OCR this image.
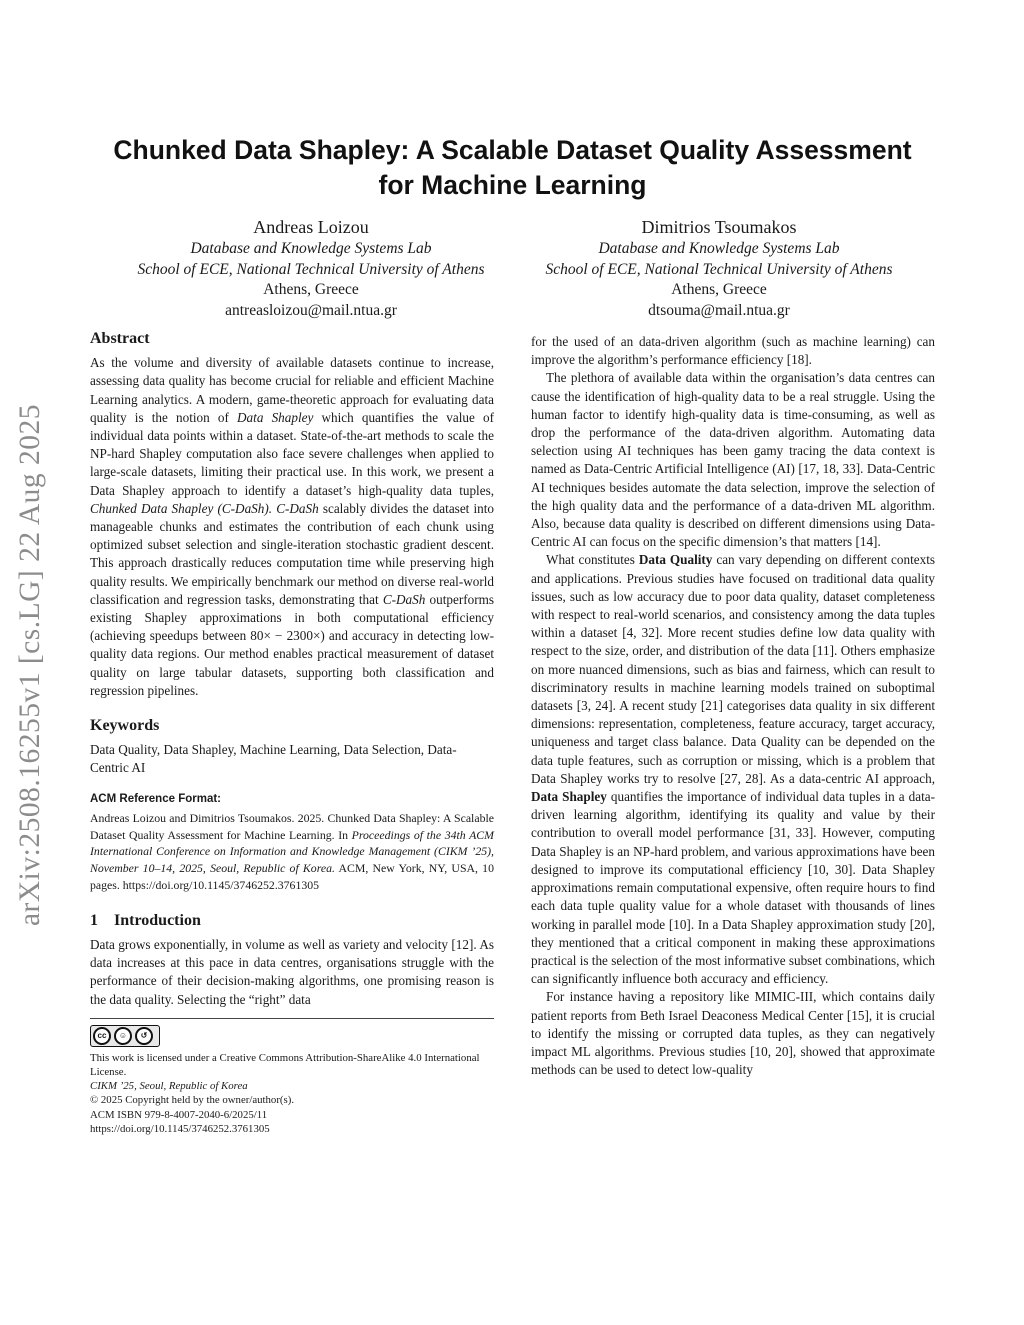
arXiv:2508.16255v1 [cs.LG] 22 Aug 2025
Chunked Data Shapley: A Scalable Dataset Quality Assessment
for Machine Learning
Andreas Loizou
Database and Knowledge Systems Lab
School of ECE, National Technical University of Athens
Athens, Greece
antreasloizou@mail.ntua.gr
Dimitrios Tsoumakos
Database and Knowledge Systems Lab
School of ECE, National Technical University of Athens
Athens, Greece
dtsouma@mail.ntua.gr
Abstract

As the volume and diversity of available datasets continue to increase, assessing data quality has become crucial for reliable and efficient Machine Learning analytics. A modern, game-theoretic approach for evaluating data quality is the notion of Data Shapley which quantifies the value of individual data points within a dataset. State-of-the-art methods to scale the NP-hard Shapley computation also face severe challenges when applied to large-scale datasets, limiting their practical use. In this work, we present a Data Shapley approach to identify a dataset’s high-quality data tuples, Chunked Data Shapley (C-DaSh). C-DaSh scalably divides the dataset into manageable chunks and estimates the contribution of each chunk using optimized subset selection and single-iteration stochastic gradient descent. This approach drastically reduces computation time while preserving high quality results. We empirically benchmark our method on diverse real-world classification and regression tasks, demonstrating that C-DaSh outperforms existing Shapley approximations in both computational efficiency (achieving speedups between 80× − 2300×) and accuracy in detecting low-quality data regions. Our method enables practical measurement of dataset quality on large tabular datasets, supporting both classification and regression pipelines.

Keywords

Data Quality, Data Shapley, Machine Learning, Data Selection, Data-Centric AI

ACM Reference Format:

Andreas Loizou and Dimitrios Tsoumakos. 2025. Chunked Data Shapley: A Scalable Dataset Quality Assessment for Machine Learning. In Proceedings of the 34th ACM International Conference on Information and Knowledge Management (CIKM ’25), November 10–14, 2025, Seoul, Republic of Korea. ACM, New York, NY, USA, 10 pages. https://doi.org/10.1145/3746252.3761305

1    Introduction

Data grows exponentially, in volume as well as variety and velocity [12]. As data increases at this pace in data centres, organisations struggle with the performance of their decision-making algorithms, one promising reason is the data quality. Selecting the “right” data

cc	☺	↺
This work is licensed under a Creative Commons Attribution-ShareAlike 4.0 International License.
CIKM ’25, Seoul, Republic of Korea
© 2025 Copyright held by the owner/author(s).
ACM ISBN 979-8-4007-2040-6/2025/11
https://doi.org/10.1145/3746252.3761305

for the used of an data-driven algorithm (such as machine learning) can improve the algorithm’s performance efficiency [18].

The plethora of available data within the organisation’s data centres can cause the identification of high-quality data to be a real struggle. Using the human factor to identify high-quality data is time-consuming, as well as drop the performance of the data-driven algorithm. Automating data selection using AI techniques has been gamy tracing the data context is named as Data-Centric Artificial Intelligence (AI) [17, 18, 33]. Data-Centric AI techniques besides automate the data selection, improve the selection of the high quality data and the performance of a data-driven ML algorithm. Also, because data quality is described on different dimensions using Data-Centric AI can focus on the specific dimension’s that matters [14].

What constitutes Data Quality can vary depending on different contexts and applications. Previous studies have focused on traditional data quality issues, such as low accuracy due to poor data quality, dataset completeness with respect to real-world scenarios, and consistency among the data tuples within a dataset [4, 32]. More recent studies define low data quality with respect to the size, order, and distribution of the data [11]. Others emphasize on more nuanced dimensions, such as bias and fairness, which can result to discriminatory results in machine learning models trained on suboptimal datasets [3, 24]. A recent study [21] categorises data quality in six different dimensions: representation, completeness, feature accuracy, target accuracy, uniqueness and target class balance. Data Quality can be depended on the data tuple features, such as corruption or missing, which is a problem that Data Shapley works try to resolve [27, 28]. As a data-centric AI approach, Data Shapley quantifies the importance of individual data tuples in a data-driven learning algorithm, identifying its quality and value by their contribution to overall model performance [31, 33]. However, computing Data Shapley is an NP-hard problem, and various approximations have been designed to improve its computational efficiency [10, 30]. Data Shapley approximations remain computational expensive, often require hours to find each data tuple quality value for a whole dataset with thousands of lines working in parallel mode [10]. In a Data Shapley approximation study [20], they mentioned that a critical component in making these approximations practical is the selection of the most informative subset combinations, which can significantly influence both accuracy and efficiency.

For instance having a repository like MIMIC-III, which contains daily patient reports from Beth Israel Deaconess Medical Center [15], it is crucial to identify the missing or corrupted data tuples, as they can negatively impact ML algorithms. Previous studies [10, 20], showed that approximate methods can be used to detect low-quality
